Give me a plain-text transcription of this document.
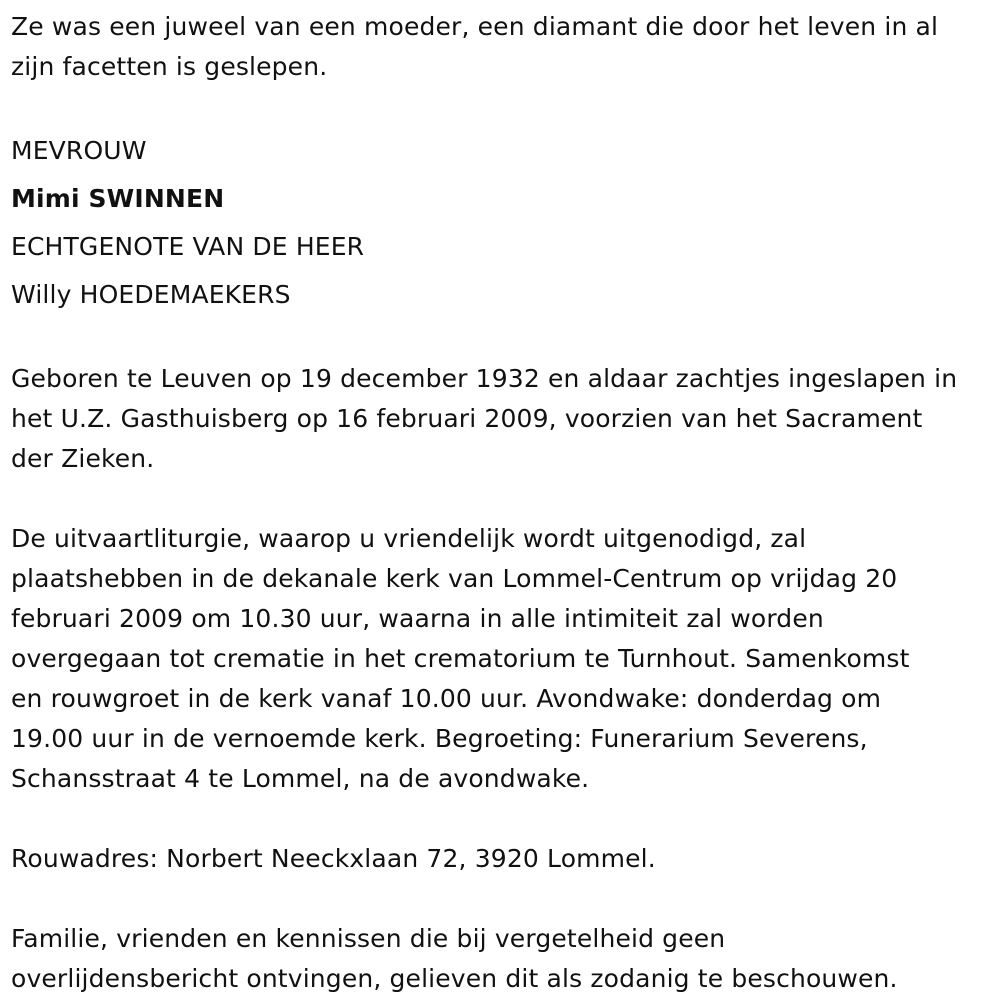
Ze was een juweel van een moeder, een diamant die door het leven in al
zijn facetten is geslepen.

MEVROUW

Mimi SWINNEN

ECHTGENOTE VAN DE HEER

Willy HOEDEMAEKERS

Geboren te Leuven op 19 december 1932 en aldaar zachtjes ingeslapen in
het U.Z. Gasthuisberg op 16 februari 2009, voorzien van het Sacrament
der Zieken.

De uitvaartliturgie, waarop u vriendelijk wordt uitgenodigd, zal
plaatshebben in de dekanale kerk van Lommel-Centrum op vrijdag 20
februari 2009 om 10.30 uur, waarna in alle intimiteit zal worden
overgegaan tot crematie in het crematorium te Turnhout. Samenkomst
en rouwgroet in de kerk vanaf 10.00 uur. Avondwake: donderdag om
19.00 uur in de vernoemde kerk. Begroeting: Funerarium Severens,
Schansstraat 4 te Lommel, na de avondwake.

Rouwadres: Norbert Neeckxlaan 72, 3920 Lommel.

Familie, vrienden en kennissen die bij vergetelheid geen
overlijdensbericht ontvingen, gelieven dit als zodanig te beschouwen.
